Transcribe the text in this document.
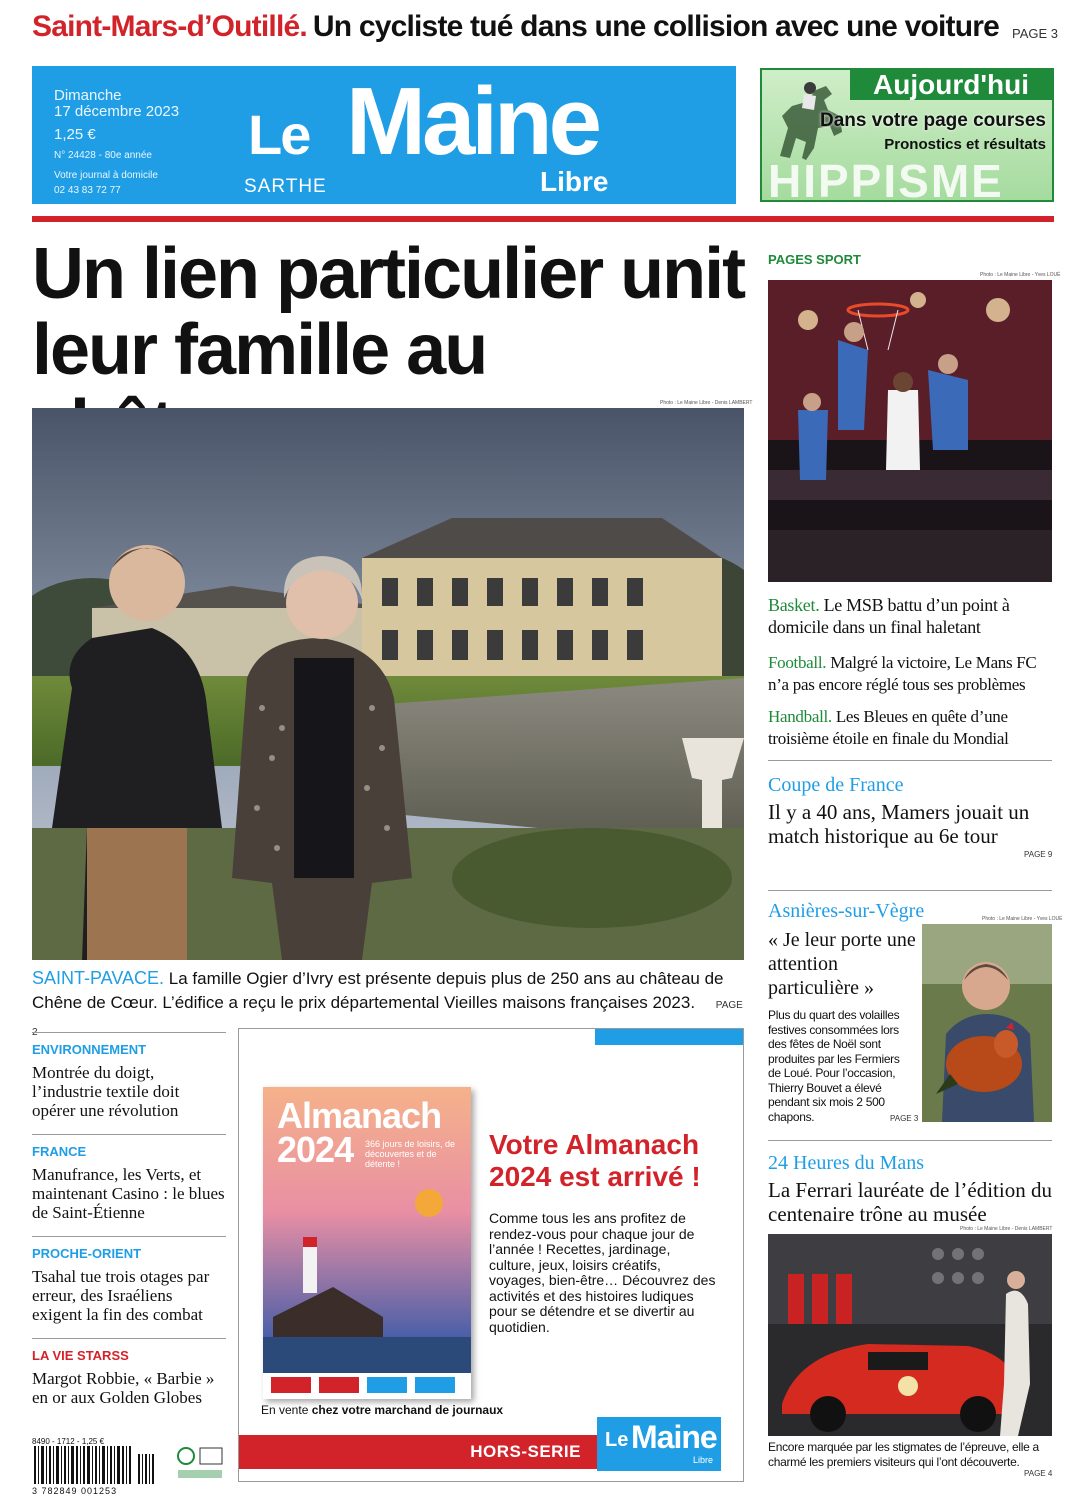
Saint-Mars-d’Outillé. Un cycliste tué dans une collision avec une voiture PAGE 3
Dimanche
17 décembre 2023
1,25 €
N° 24428 - 80e année
Votre journal à domicile
02 43 83 72 77
Le Maine
Libre
SARTHE
Aujourd'hui
Dans votre page courses
Pronostics et résultats
HIPPISME
Un lien particulier unit leur famille au
Photo : Le Maine Libre - Denis LAMBERT
SAINT-PAVACE. La famille Ogier d’Ivry est présente depuis plus de 250 ans au château de Chêne de Cœur. L’édifice a reçu le prix départemental Vieilles maisons françaises 2023. PAGE
ENVIRONNEMENT
Montrée du doigt, l’industrie textile doit opérer une révolution
FRANCE
Manufrance, les Verts, et maintenant Casino : le blues de Saint-Étienne
PROCHE-ORIENT
Tsahal tue trois otages par erreur, des Israéliens exigent la fin des combat
LA VIE STARSS
Margot Robbie, « Barbie » en or aux Golden Globes
Almanach
2024	366 jours de loisirs, de découvertes et de détente !
Votre Almanach 2024 est arrivé !
Comme tous les ans profitez de rendez-vous pour chaque jour de l’année ! Recettes, jardinage, culture, jeux, loisirs créatifs, voyages, bien-être… Découvrez des activités et des histoires ludiques pour se détendre et se divertir au quotidien.
En vente chez votre marchand de journaux
HORS-SERIE
Le Maine
Libre
8490 - 1712 - 1,25 €
3 782849 001253
PAGES SPORT
Photo : Le Maine Libre - Yves LOUÉ
Basket. Le MSB battu d’un point à domicile dans un final haletant
Football. Malgré la victoire, Le Mans FC n’a pas encore réglé tous ses problèmes
Handball. Les Bleues en quête d’une troisième étoile en finale du Mondial
Coupe de France
Il y a 40 ans, Mamers jouait un match historique au 6e tour
PAGE 9
Asnières-sur-Vègre	Photo : Le Maine Libre - Yves LOUÉ
« Je leur porte une attention particulière »
Plus du quart des volailles festives consommées lors des fêtes de Noël sont produites par les Fermiers de Loué. Pour l’occasion, Thierry Bouvet a élevé pendant six mois 2 500 chapons.	PAGE 3
24 Heures du Mans
La Ferrari lauréate de l’édition du centenaire trône au musée
Photo : Le Maine Libre - Denis LAMBERT
Encore marquée par les stigmates de l’épreuve, elle a charmé les premiers visiteurs qui l’ont découverte.
PAGE 4
